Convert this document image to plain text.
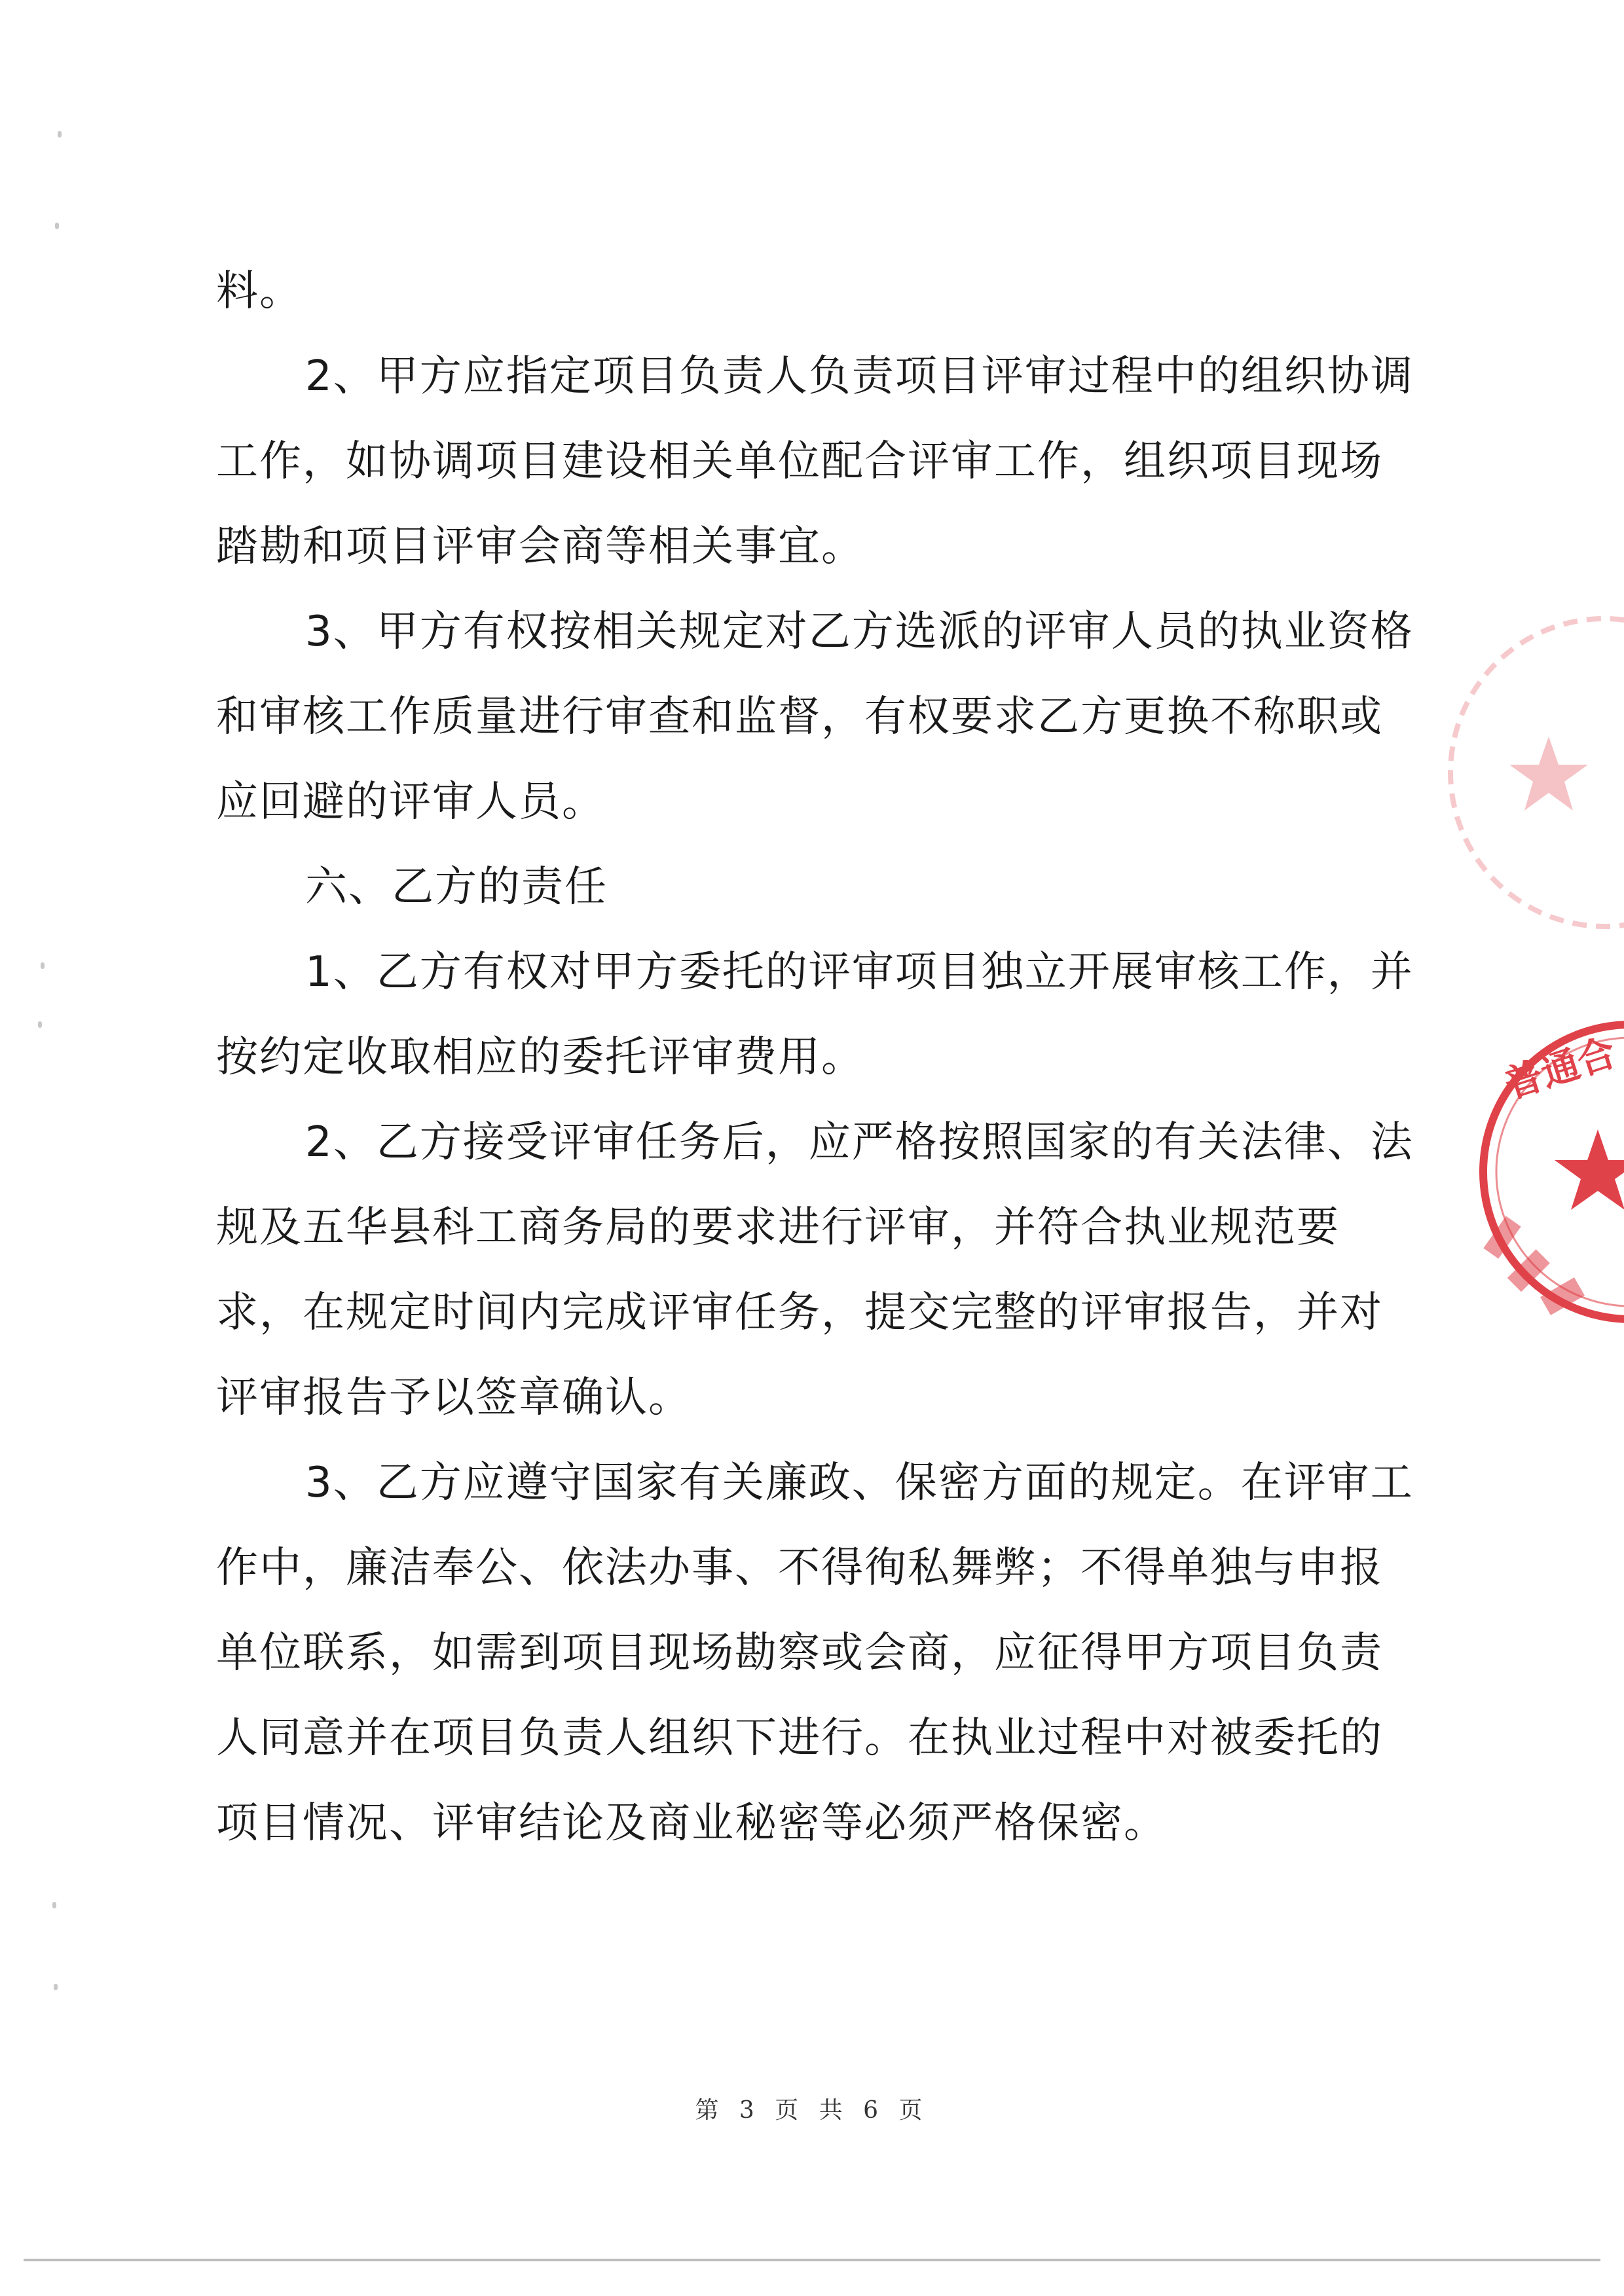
料。

2、甲方应指定项目负责人负责项目评审过程中的组织协调工作，如协调项目建设相关单位配合评审工作，组织项目现场踏勘和项目评审会商等相关事宜。

3、甲方有权按相关规定对乙方选派的评审人员的执业资格和审核工作质量进行审查和监督，有权要求乙方更换不称职或应回避的评审人员。

六、乙方的责任

1、乙方有权对甲方委托的评审项目独立开展审核工作，并按约定收取相应的委托评审费用。

2、乙方接受评审任务后，应严格按照国家的有关法律、法规及五华县科工商务局的要求进行评审，并符合执业规范要求，在规定时间内完成评审任务，提交完整的评审报告，并对评审报告予以签章确认。

3、乙方应遵守国家有关廉政、保密方面的规定。在评审工作中，廉洁奉公、依法办事、不得徇私舞弊；不得单独与申报单位联系，如需到项目现场勘察或会商，应征得甲方项目负责人同意并在项目负责人组织下进行。在执业过程中对被委托的项目情况、评审结论及商业秘密等必须严格保密。

普通合
第 3 页 共 6 页
